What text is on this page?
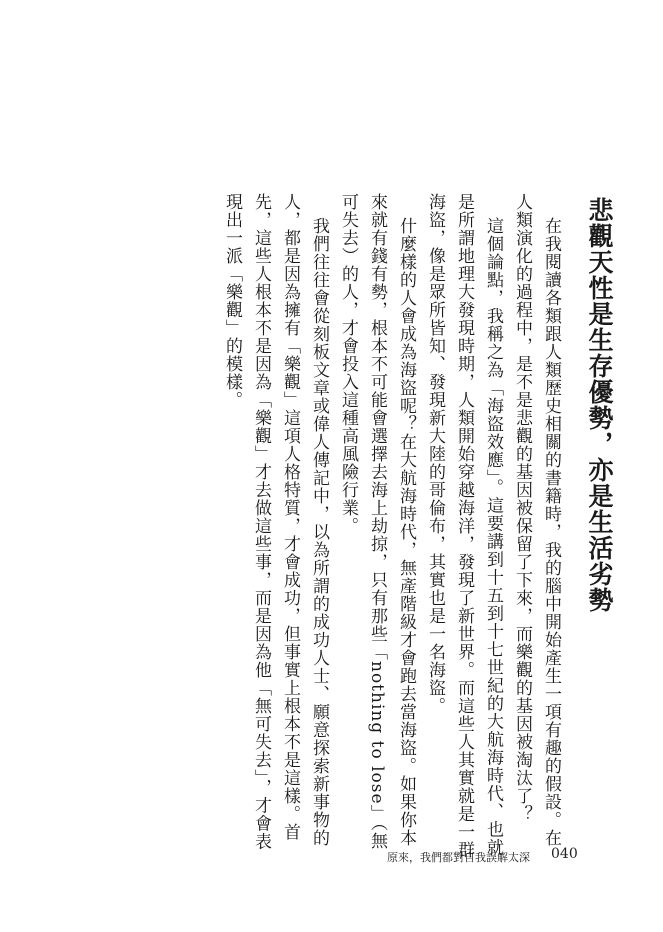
悲觀天性是生存優勢，亦是生活劣勢

在我閱讀各類跟人類歷史相關的書籍時，我的腦中開始產生一項有趣的假設。在人類演化的過程中，是不是悲觀的基因被保留了下來，而樂觀的基因被淘汰了？

這個論點，我稱之為「海盜效應」。這要講到十五到十七世紀的大航海時代、也就是所謂地理大發現時期，人類開始穿越海洋，發現了新世界。而這些人其實就是一群海盜，像是眾所皆知、發現新大陸的哥倫布，其實也是一名海盜。

什麼樣的人會成為海盜呢？在大航海時代，無產階級才會跑去當海盜。如果你本來就有錢有勢，根本不可能會選擇去海上劫掠，只有那些「nothing to lose」（無可失去）的人，才會投入這種高風險行業。

我們往往會從刻板文章或偉人傳記中，以為所謂的成功人士、願意探索新事物的人，都是因為擁有「樂觀」這項人格特質，才會成功，但事實上根本不是這樣。首先，這些人根本不是因為「樂觀」才去做這些事，而是因為他「無可失去」，才會表現出一派「樂觀」的模樣。

原來，我們都對自我誤解太深 040
